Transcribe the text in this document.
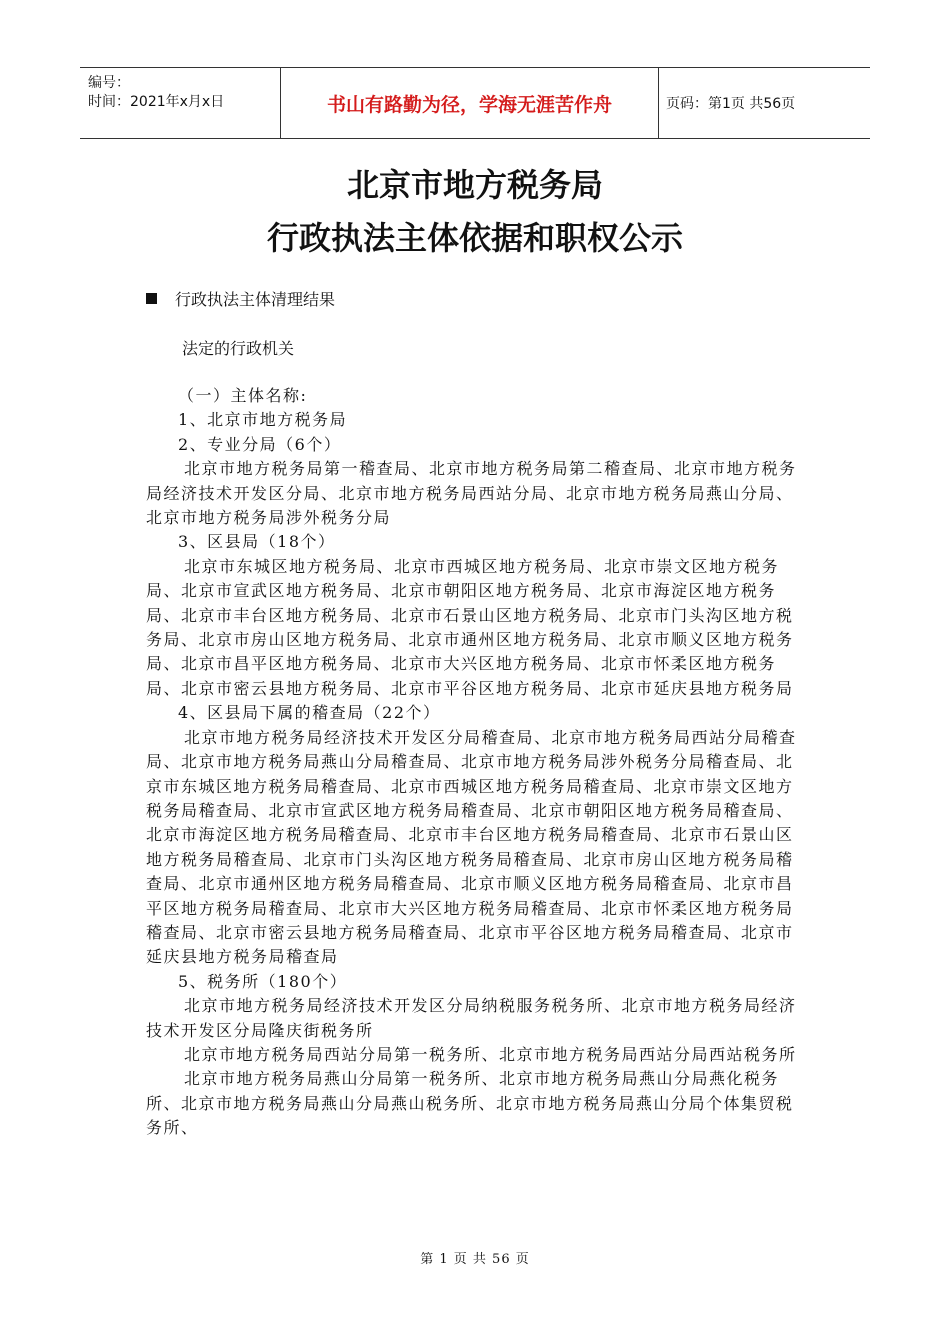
编号：
时间：2021年x月x日	书山有路勤为径，学海无涯苦作舟	页码：第1页 共56页
北京市地方税务局
行政执法主体依据和职权公示
行政执法主体清理结果
法定的行政机关

（一）主体名称:

1、北京市地方税务局

2、专业分局（6个）

北京市地方税务局第一稽查局、北京市地方税务局第二稽查局、北京市地方税务局经济技术开发区分局、北京市地方税务局西站分局、北京市地方税务局燕山分局、北京市地方税务局涉外税务分局

3、区县局（18个）

北京市东城区地方税务局、北京市西城区地方税务局、北京市崇文区地方税务局、北京市宣武区地方税务局、北京市朝阳区地方税务局、北京市海淀区地方税务局、北京市丰台区地方税务局、北京市石景山区地方税务局、北京市门头沟区地方税务局、北京市房山区地方税务局、北京市通州区地方税务局、北京市顺义区地方税务局、北京市昌平区地方税务局、北京市大兴区地方税务局、北京市怀柔区地方税务局、北京市密云县地方税务局、北京市平谷区地方税务局、北京市延庆县地方税务局

4、区县局下属的稽查局（22个）

北京市地方税务局经济技术开发区分局稽查局、北京市地方税务局西站分局稽查局、北京市地方税务局燕山分局稽查局、北京市地方税务局涉外税务分局稽查局、北京市东城区地方税务局稽查局、北京市西城区地方税务局稽查局、北京市崇文区地方税务局稽查局、北京市宣武区地方税务局稽查局、北京市朝阳区地方税务局稽查局、北京市海淀区地方税务局稽查局、北京市丰台区地方税务局稽查局、北京市石景山区地方税务局稽查局、北京市门头沟区地方税务局稽查局、北京市房山区地方税务局稽查局、北京市通州区地方税务局稽查局、北京市顺义区地方税务局稽查局、北京市昌平区地方税务局稽查局、北京市大兴区地方税务局稽查局、北京市怀柔区地方税务局稽查局、北京市密云县地方税务局稽查局、北京市平谷区地方税务局稽查局、北京市延庆县地方税务局稽查局

5、税务所（180个）

北京市地方税务局经济技术开发区分局纳税服务税务所、北京市地方税务局经济技术开发区分局隆庆街税务所

北京市地方税务局西站分局第一税务所、北京市地方税务局西站分局西站税务所

北京市地方税务局燕山分局第一税务所、北京市地方税务局燕山分局燕化税务所、北京市地方税务局燕山分局燕山税务所、北京市地方税务局燕山分局个体集贸税务所、

第 1 页 共 56 页
